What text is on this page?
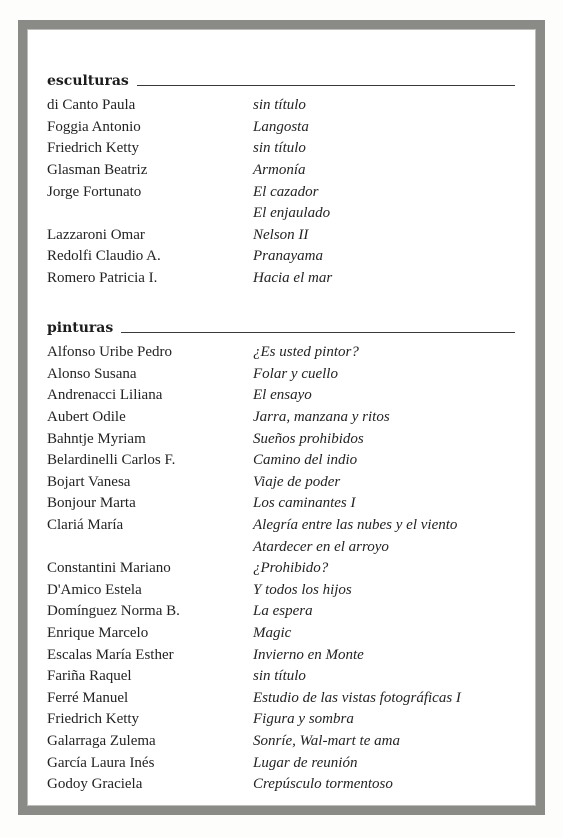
esculturas
di Canto Paula	sin título
Foggia Antonio	Langosta
Friedrich Ketty	sin título
Glasman Beatriz	Armonía
Jorge Fortunato	El cazador
El enjaulado
Lazzaroni Omar	Nelson II
Redolfi Claudio A.	Pranayama
Romero Patricia I.	Hacia el mar
pinturas
Alfonso Uribe Pedro	¿Es usted pintor?
Alonso Susana	Folar y cuello
Andrenacci Liliana	El ensayo
Aubert Odile	Jarra, manzana y ritos
Bahntje Myriam	Sueños prohibidos
Belardinelli Carlos F.	Camino del indio
Bojart Vanesa	Viaje de poder
Bonjour Marta	Los caminantes I
Clariá María	Alegría entre las nubes y el viento
Atardecer en el arroyo
Constantini Mariano	¿Prohibido?
D'Amico Estela	Y todos los hijos
Domínguez Norma B.	La espera
Enrique Marcelo	Magic
Escalas María Esther	Invierno en Monte
Fariña Raquel	sin título
Ferré Manuel	Estudio de las vistas fotográficas I
Friedrich Ketty	Figura y sombra
Galarraga Zulema	Sonríe, Wal-mart te ama
García Laura Inés	Lugar de reunión
Godoy Graciela	Crepúsculo tormentoso
